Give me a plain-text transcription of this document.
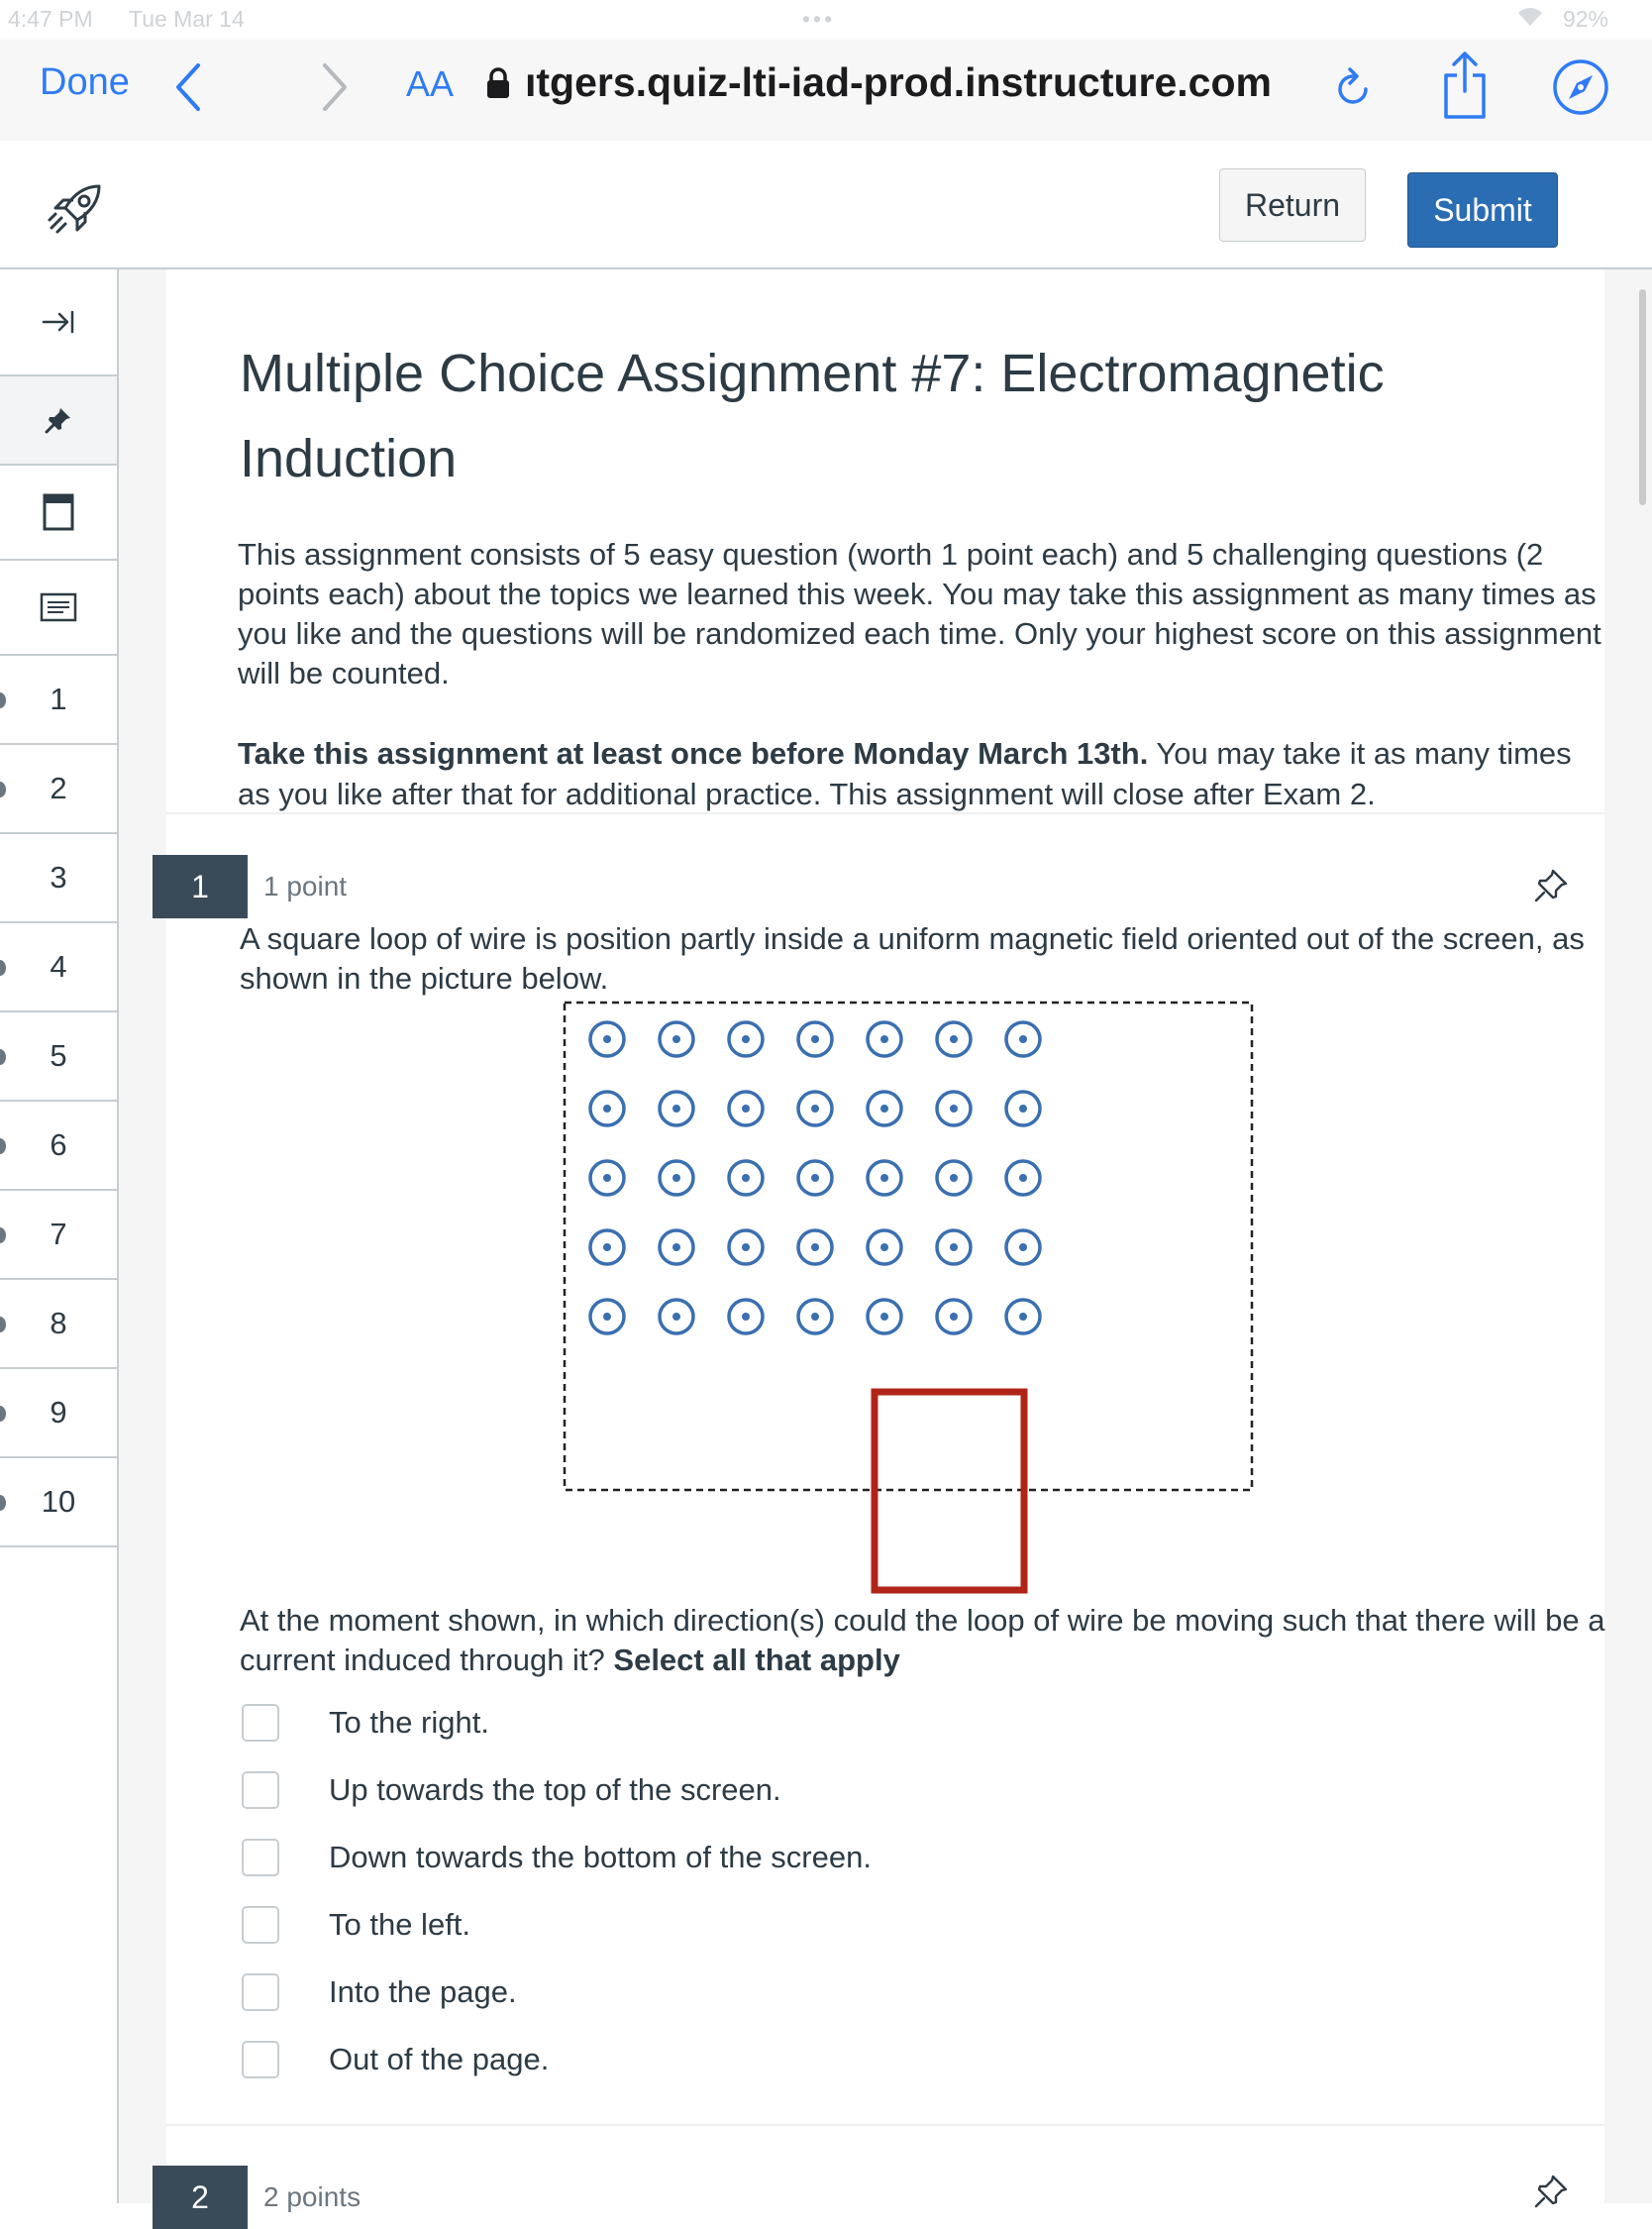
4:47 PM Tue Mar 14	•••	92%
Done	AA ıtgers.quiz-lti-iad-prod.instructure.com
Return	Submit
1
2
3
4
5
6
7
8
9
10
Multiple Choice Assignment #7: Electromagnetic Induction
This assignment consists of 5 easy question (worth 1 point each) and 5 challenging questions (2 points each) about the topics we learned this week. You may take this assignment as many times as you like and the questions will be randomized each time. Only your highest score on this assignment will be counted.
Take this assignment at least once before Monday March 13th. You may take it as many times as you like after that for additional practice. This assignment will close after Exam 2.
1	1 point
A square loop of wire is position partly inside a uniform magnetic field oriented out of the screen, as shown in the picture below.
At the moment shown, in which direction(s) could the loop of wire be moving such that there will be a current induced through it? Select all that apply
To the right.
Up towards the top of the screen.
Down towards the bottom of the screen.
To the left.
Into the page.
Out of the page.
2	2 points
